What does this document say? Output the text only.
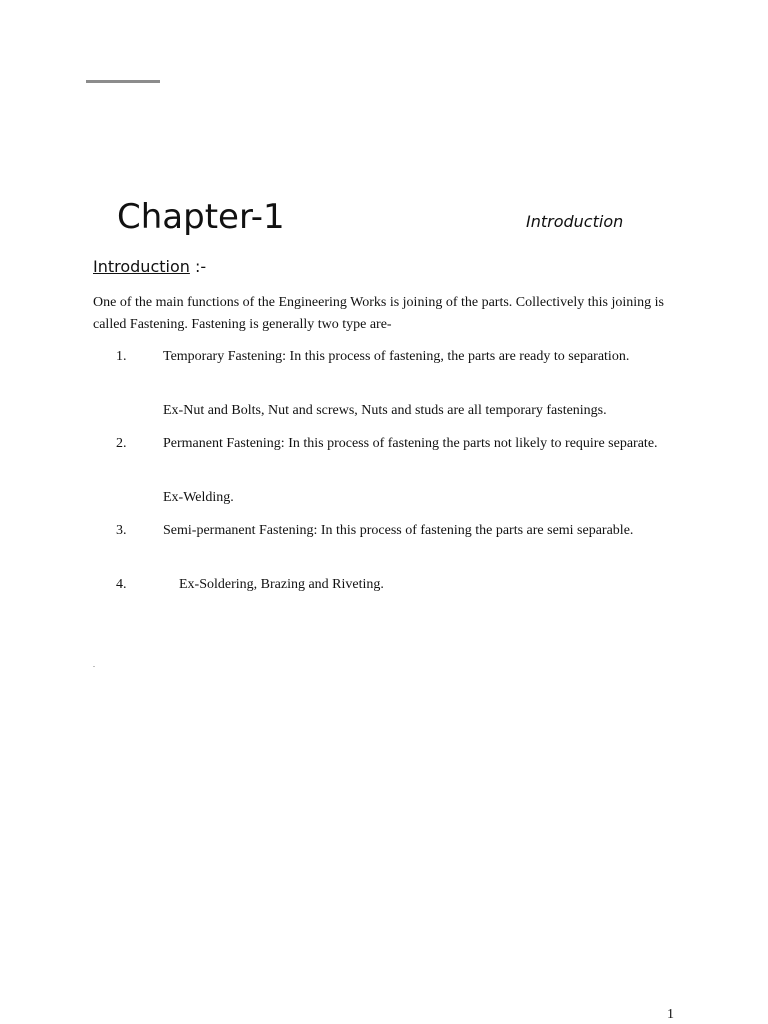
Chapter-1	Introduction
Introduction :-

One of the main functions of the Engineering Works is joining of the parts. Collectively this joining is called Fastening. Fastening is generally two type are-

1.	Temporary Fastening: In this process of fastening, the parts are ready to separation.
Ex-Nut and Bolts, Nut and screws, Nuts and studs are all temporary fastenings.
2.	Permanent Fastening: In this process of fastening the parts not likely to require separate.
Ex-Welding.
3.	Semi-permanent Fastening: In this process of fastening the parts are semi separable.
4.	Ex-Soldering, Brazing and Riveting.
.
1
